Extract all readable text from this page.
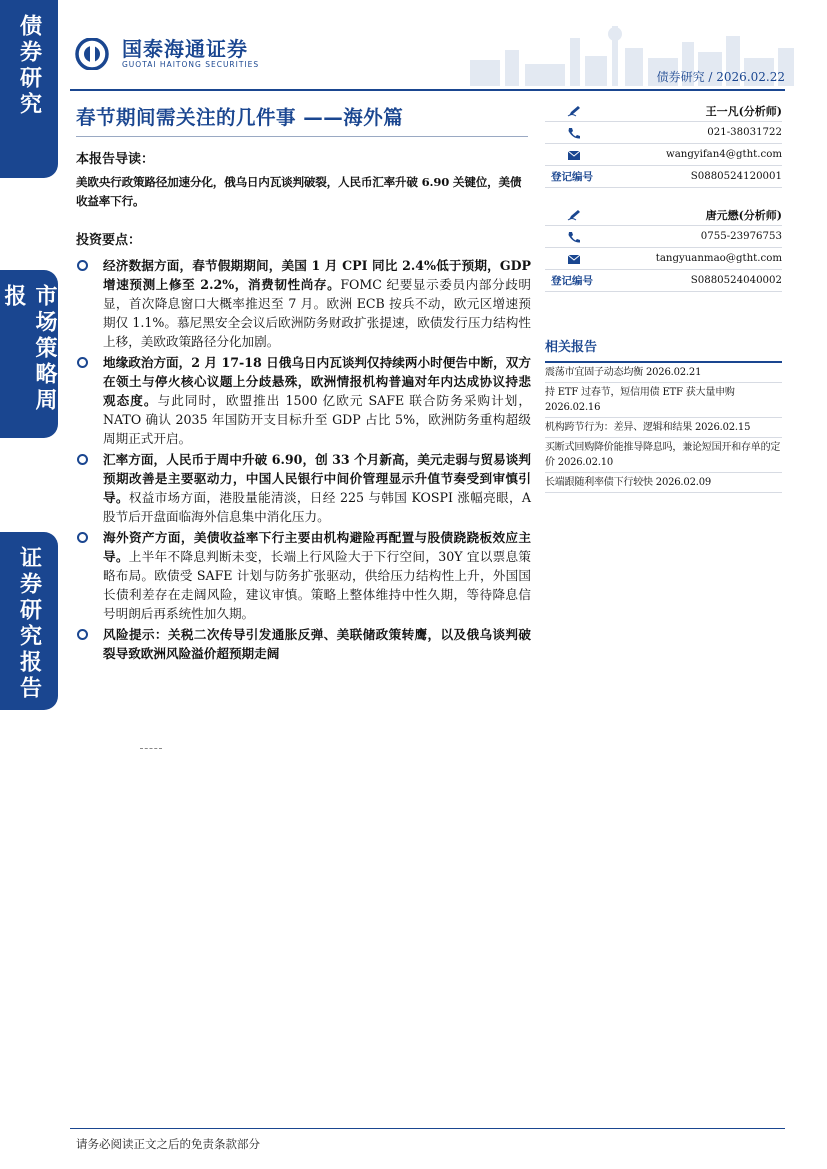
债券研究
市场策略周报
证券研究报告
国泰海通证券
GUOTAI HAITONG SECURITIES
债券研究 / 2026.02.22
春节期间需关注的几件事 ——海外篇
本报告导读：
美欧央行政策路径加速分化，俄乌日内瓦谈判破裂，人民币汇率升破 6.90 关键位，美债收益率下行。
投资要点：
经济数据方面，春节假期期间，美国 1 月 CPI 同比 2.4%低于预期，GDP 增速预测上修至 2.2%，消费韧性尚存。FOMC 纪要显示委员内部分歧明显，首次降息窗口大概率推迟至 7 月。欧洲 ECB 按兵不动，欧元区增速预期仅 1.1%。慕尼黑安全会议后欧洲防务财政扩张提速，欧债发行压力结构性上移，美欧政策路径分化加剧。
地缘政治方面，2 月 17-18 日俄乌日内瓦谈判仅持续两小时便告中断，双方在领土与停火核心议题上分歧悬殊，欧洲情报机构普遍对年内达成协议持悲观态度。与此同时，欧盟推出 1500 亿欧元 SAFE 联合防务采购计划，NATO 确认 2035 年国防开支目标升至 GDP 占比 5%，欧洲防务重构超级周期正式开启。
汇率方面，人民币于周中升破 6.90，创 33 个月新高，美元走弱与贸易谈判预期改善是主要驱动力，中国人民银行中间价管理显示升值节奏受到审慎引导。权益市场方面，港股量能清淡，日经 225 与韩国 KOSPI 涨幅亮眼，A 股节后开盘面临海外信息集中消化压力。
海外资产方面，美债收益率下行主要由机构避险再配置与股债跷跷板效应主导。上半年不降息判断未变，长端上行风险大于下行空间，30Y 宜以票息策略布局。欧债受 SAFE 计划与防务扩张驱动，供给压力结构性上升，外国国长债利差存在走阔风险，建议审慎。策略上整体维持中性久期，等待降息信号明朗后再系统性加久期。
风险提示：关税二次传导引发通胀反弹、美联储政策转鹰，以及俄乌谈判破裂导致欧洲风险溢价超预期走阔
王一凡(分析师)
021-38031722
wangyifan4@gtht.com
登记编号	S0880524120001
唐元懋(分析师)
0755-23976753
tangyuanmao@gtht.com
登记编号	S0880524040002
相关报告
震荡市宜固子动态均衡 2026.02.21
持 ETF 过春节，短信用债 ETF 获大量申购 2026.02.16
机构跨节行为：差异、逻辑和结果 2026.02.15
买断式回购降价能推导降息吗，兼论短国开和存单的定价 2026.02.10
长端跟随利率债下行较快 2026.02.09
请务必阅读正文之后的免责条款部分
